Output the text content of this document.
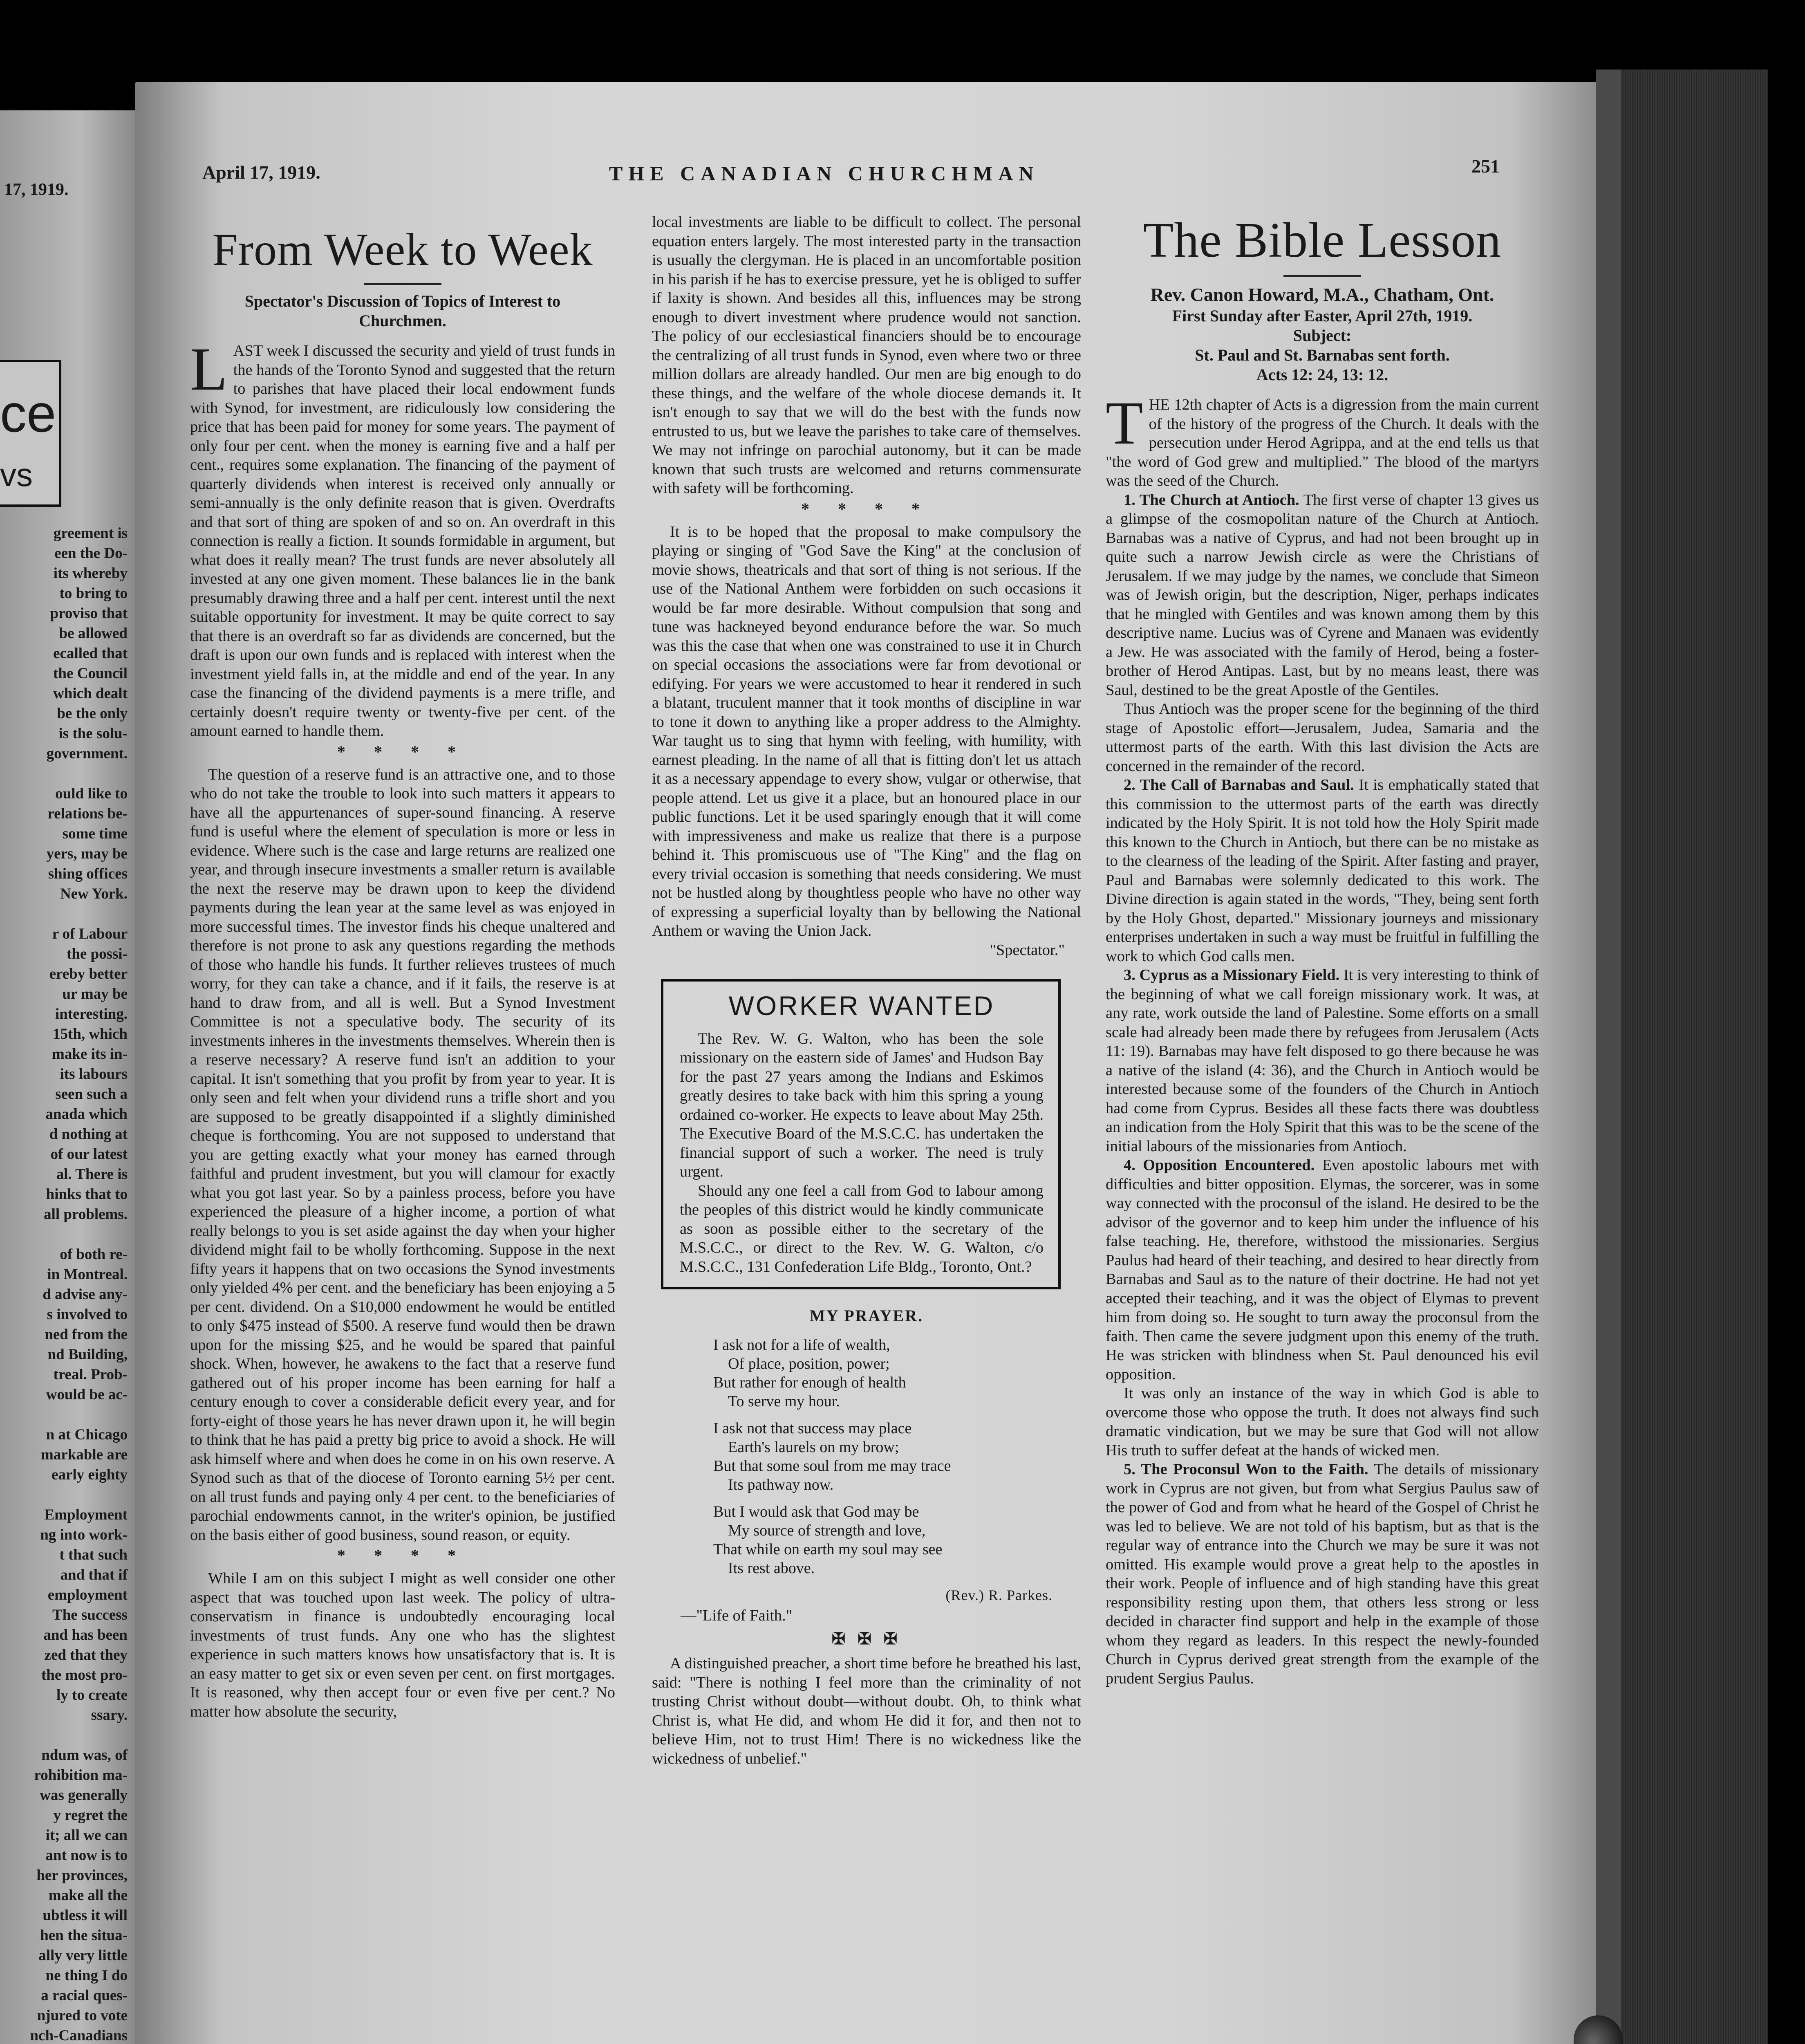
17, 1919.
ce
vs
greement is
een the Do-
its whereby
to bring to
proviso that
be allowed
ecalled that
the Council
which dealt
be the only
is the solu-
government.

ould like to
relations be-
some time
yers, may be
shing offices
New York.

r of Labour
the possi-
ereby better
ur may be
interesting.
15th, which
make its in-
its labours
seen such a
anada which
d nothing at
of our latest
al. There is
hinks that to
all problems.

of both re-
in Montreal.
d advise any-
s involved to
ned from the
nd Building,
treal. Prob-
would be ac-

n at Chicago
markable are
early eighty

Employment
ng into work-
t that such
and that if
employment
The success
and has been
zed that they
the most pro-
ly to create
ssary.

ndum was, of
rohibition ma-
was generally
y regret the
it; all we can
ant now is to
her provinces,
make all the
ubtless it will
hen the situa-
ally very little
ne thing I do
a racial ques-
njured to vote
nch-Canadians

April 17, 1919.	THE CANADIAN CHURCHMAN	251
From Week to Week
Spectator's Discussion of Topics of Interest to Churchmen.

LAST week I discussed the security and yield of trust funds in the hands of the Toronto Synod and suggested that the return to parishes that have placed their local endowment funds with Synod, for investment, are ridiculously low considering the price that has been paid for money for some years. The payment of only four per cent. when the money is earning five and a half per cent., requires some explanation. The financing of the payment of quarterly dividends when interest is received only annually or semi-annually is the only definite reason that is given. Overdrafts and that sort of thing are spoken of and so on. An overdraft in this connection is really a fiction. It sounds formidable in argument, but what does it really mean? The trust funds are never absolutely all invested at any one given moment. These balances lie in the bank presumably drawing three and a half per cent. interest until the next suitable opportunity for investment. It may be quite correct to say that there is an overdraft so far as dividends are concerned, but the draft is upon our own funds and is replaced with interest when the investment yield falls in, at the middle and end of the year. In any case the financing of the dividend payments is a mere trifle, and certainly doesn't require twenty or twenty-five per cent. of the amount earned to handle them.

* * * *

The question of a reserve fund is an attractive one, and to those who do not take the trouble to look into such matters it appears to have all the appurtenances of super-sound financing. A reserve fund is useful where the element of speculation is more or less in evidence. Where such is the case and large returns are realized one year, and through insecure investments a smaller return is available the next the reserve may be drawn upon to keep the dividend payments during the lean year at the same level as was enjoyed in more successful times. The investor finds his cheque unaltered and therefore is not prone to ask any questions regarding the methods of those who handle his funds. It further relieves trustees of much worry, for they can take a chance, and if it fails, the reserve is at hand to draw from, and all is well. But a Synod Investment Committee is not a speculative body. The security of its investments inheres in the investments themselves. Wherein then is a reserve necessary? A reserve fund isn't an addition to your capital. It isn't something that you profit by from year to year. It is only seen and felt when your dividend runs a trifle short and you are supposed to be greatly disappointed if a slightly diminished cheque is forthcoming. You are not supposed to understand that you are getting exactly what your money has earned through faithful and prudent investment, but you will clamour for exactly what you got last year. So by a painless process, before you have experienced the pleasure of a higher income, a portion of what really belongs to you is set aside against the day when your higher dividend might fail to be wholly forthcoming. Suppose in the next fifty years it happens that on two occasions the Synod investments only yielded 4% per cent. and the beneficiary has been enjoying a 5 per cent. dividend. On a $10,000 endowment he would be entitled to only $475 instead of $500. A reserve fund would then be drawn upon for the missing $25, and he would be spared that painful shock. When, however, he awakens to the fact that a reserve fund gathered out of his proper income has been earning for half a century enough to cover a considerable deficit every year, and for forty-eight of those years he has never drawn upon it, he will begin to think that he has paid a pretty big price to avoid a shock. He will ask himself where and when does he come in on his own reserve. A Synod such as that of the diocese of Toronto earning 5½ per cent. on all trust funds and paying only 4 per cent. to the beneficiaries of parochial endowments cannot, in the writer's opinion, be justified on the basis either of good business, sound reason, or equity.

* * * *

While I am on this subject I might as well consider one other aspect that was touched upon last week. The policy of ultra-conservatism in finance is undoubtedly encouraging local investments of trust funds. Any one who has the slightest experience in such matters knows how unsatisfactory that is. It is an easy matter to get six or even seven per cent. on first mortgages. It is reasoned, why then accept four or even five per cent.? No matter how absolute the security,

local investments are liable to be difficult to collect. The personal equation enters largely. The most interested party in the transaction is usually the clergyman. He is placed in an uncomfortable position in his parish if he has to exercise pressure, yet he is obliged to suffer if laxity is shown. And besides all this, influences may be strong enough to divert investment where prudence would not sanction. The policy of our ecclesiastical financiers should be to encourage the centralizing of all trust funds in Synod, even where two or three million dollars are already handled. Our men are big enough to do these things, and the welfare of the whole diocese demands it. It isn't enough to say that we will do the best with the funds now entrusted to us, but we leave the parishes to take care of themselves. We may not infringe on parochial autonomy, but it can be made known that such trusts are welcomed and returns commensurate with safety will be forthcoming.

* * * *

It is to be hoped that the proposal to make compulsory the playing or singing of "God Save the King" at the conclusion of movie shows, theatricals and that sort of thing is not serious. If the use of the National Anthem were forbidden on such occasions it would be far more desirable. Without compulsion that song and tune was hackneyed beyond endurance before the war. So much was this the case that when one was constrained to use it in Church on special occasions the associations were far from devotional or edifying. For years we were accustomed to hear it rendered in such a blatant, truculent manner that it took months of discipline in war to tone it down to anything like a proper address to the Almighty. War taught us to sing that hymn with feeling, with humility, with earnest pleading. In the name of all that is fitting don't let us attach it as a necessary appendage to every show, vulgar or otherwise, that people attend. Let us give it a place, but an honoured place in our public functions. Let it be used sparingly enough that it will come with impressiveness and make us realize that there is a purpose behind it. This promiscuous use of "The King" and the flag on every trivial occasion is something that needs considering. We must not be hustled along by thoughtless people who have no other way of expressing a superficial loyalty than by bellowing the National Anthem or waving the Union Jack.

"Spectator."
WORKER WANTED

The Rev. W. G. Walton, who has been the sole missionary on the eastern side of James' and Hudson Bay for the past 27 years among the Indians and Eskimos greatly desires to take back with him this spring a young ordained co-worker. He expects to leave about May 25th. The Executive Board of the M.S.C.C. has undertaken the financial support of such a worker. The need is truly urgent.

Should any one feel a call from God to labour among the peoples of this district would he kindly communicate as soon as possible either to the secretary of the M.S.C.C., or direct to the Rev. W. G. Walton, c/o M.S.C.C., 131 Confederation Life Bldg., Toronto, Ont.?

MY PRAYER.
I ask not for a life of wealth,
Of place, position, power;
But rather for enough of health
To serve my hour.
I ask not that success may place
Earth's laurels on my brow;
But that some soul from me may trace
Its pathway now.
But I would ask that God may be
My source of strength and love,
That while on earth my soul may see
Its rest above.
(Rev.) R. Parkes.
—"Life of Faith."
✠ ✠ ✠

A distinguished preacher, a short time before he breathed his last, said: "There is nothing I feel more than the criminality of not trusting Christ without doubt—without doubt. Oh, to think what Christ is, what He did, and whom He did it for, and then not to believe Him, not to trust Him! There is no wickedness like the wickedness of unbelief."

The Bible Lesson
Rev. Canon Howard, M.A., Chatham, Ont.
First Sunday after Easter, April 27th, 1919.
Subject:
St. Paul and St. Barnabas sent forth.
Acts 12: 24, 13: 12.

THE 12th chapter of Acts is a digression from the main current of the history of the progress of the Church. It deals with the persecution under Herod Agrippa, and at the end tells us that "the word of God grew and multiplied." The blood of the martyrs was the seed of the Church.

1. The Church at Antioch. The first verse of chapter 13 gives us a glimpse of the cosmopolitan nature of the Church at Antioch. Barnabas was a native of Cyprus, and had not been brought up in quite such a narrow Jewish circle as were the Christians of Jerusalem. If we may judge by the names, we conclude that Simeon was of Jewish origin, but the description, Niger, perhaps indicates that he mingled with Gentiles and was known among them by this descriptive name. Lucius was of Cyrene and Manaen was evidently a Jew. He was associated with the family of Herod, being a foster-brother of Herod Antipas. Last, but by no means least, there was Saul, destined to be the great Apostle of the Gentiles.

Thus Antioch was the proper scene for the beginning of the third stage of Apostolic effort—Jerusalem, Judea, Samaria and the uttermost parts of the earth. With this last division the Acts are concerned in the remainder of the record.

2. The Call of Barnabas and Saul. It is emphatically stated that this commission to the uttermost parts of the earth was directly indicated by the Holy Spirit. It is not told how the Holy Spirit made this known to the Church in Antioch, but there can be no mistake as to the clearness of the leading of the Spirit. After fasting and prayer, Paul and Barnabas were solemnly dedicated to this work. The Divine direction is again stated in the words, "They, being sent forth by the Holy Ghost, departed." Missionary journeys and missionary enterprises undertaken in such a way must be fruitful in fulfilling the work to which God calls men.

3. Cyprus as a Missionary Field. It is very interesting to think of the beginning of what we call foreign missionary work. It was, at any rate, work outside the land of Palestine. Some efforts on a small scale had already been made there by refugees from Jerusalem (Acts 11: 19). Barnabas may have felt disposed to go there because he was a native of the island (4: 36), and the Church in Antioch would be interested because some of the founders of the Church in Antioch had come from Cyprus. Besides all these facts there was doubtless an indication from the Holy Spirit that this was to be the scene of the initial labours of the missionaries from Antioch.

4. Opposition Encountered. Even apostolic labours met with difficulties and bitter opposition. Elymas, the sorcerer, was in some way connected with the proconsul of the island. He desired to be the advisor of the governor and to keep him under the influence of his false teaching. He, therefore, withstood the missionaries. Sergius Paulus had heard of their teaching, and desired to hear directly from Barnabas and Saul as to the nature of their doctrine. He had not yet accepted their teaching, and it was the object of Elymas to prevent him from doing so. He sought to turn away the proconsul from the faith. Then came the severe judgment upon this enemy of the truth. He was stricken with blindness when St. Paul denounced his evil opposition.

It was only an instance of the way in which God is able to overcome those who oppose the truth. It does not always find such dramatic vindication, but we may be sure that God will not allow His truth to suffer defeat at the hands of wicked men.

5. The Proconsul Won to the Faith. The details of missionary work in Cyprus are not given, but from what Sergius Paulus saw of the power of God and from what he heard of the Gospel of Christ he was led to believe. We are not told of his baptism, but as that is the regular way of entrance into the Church we may be sure it was not omitted. His example would prove a great help to the apostles in their work. People of influence and of high standing have this great responsibility resting upon them, that others less strong or less decided in character find support and help in the example of those whom they regard as leaders. In this respect the newly-founded Church in Cyprus derived great strength from the example of the prudent Sergius Paulus.
